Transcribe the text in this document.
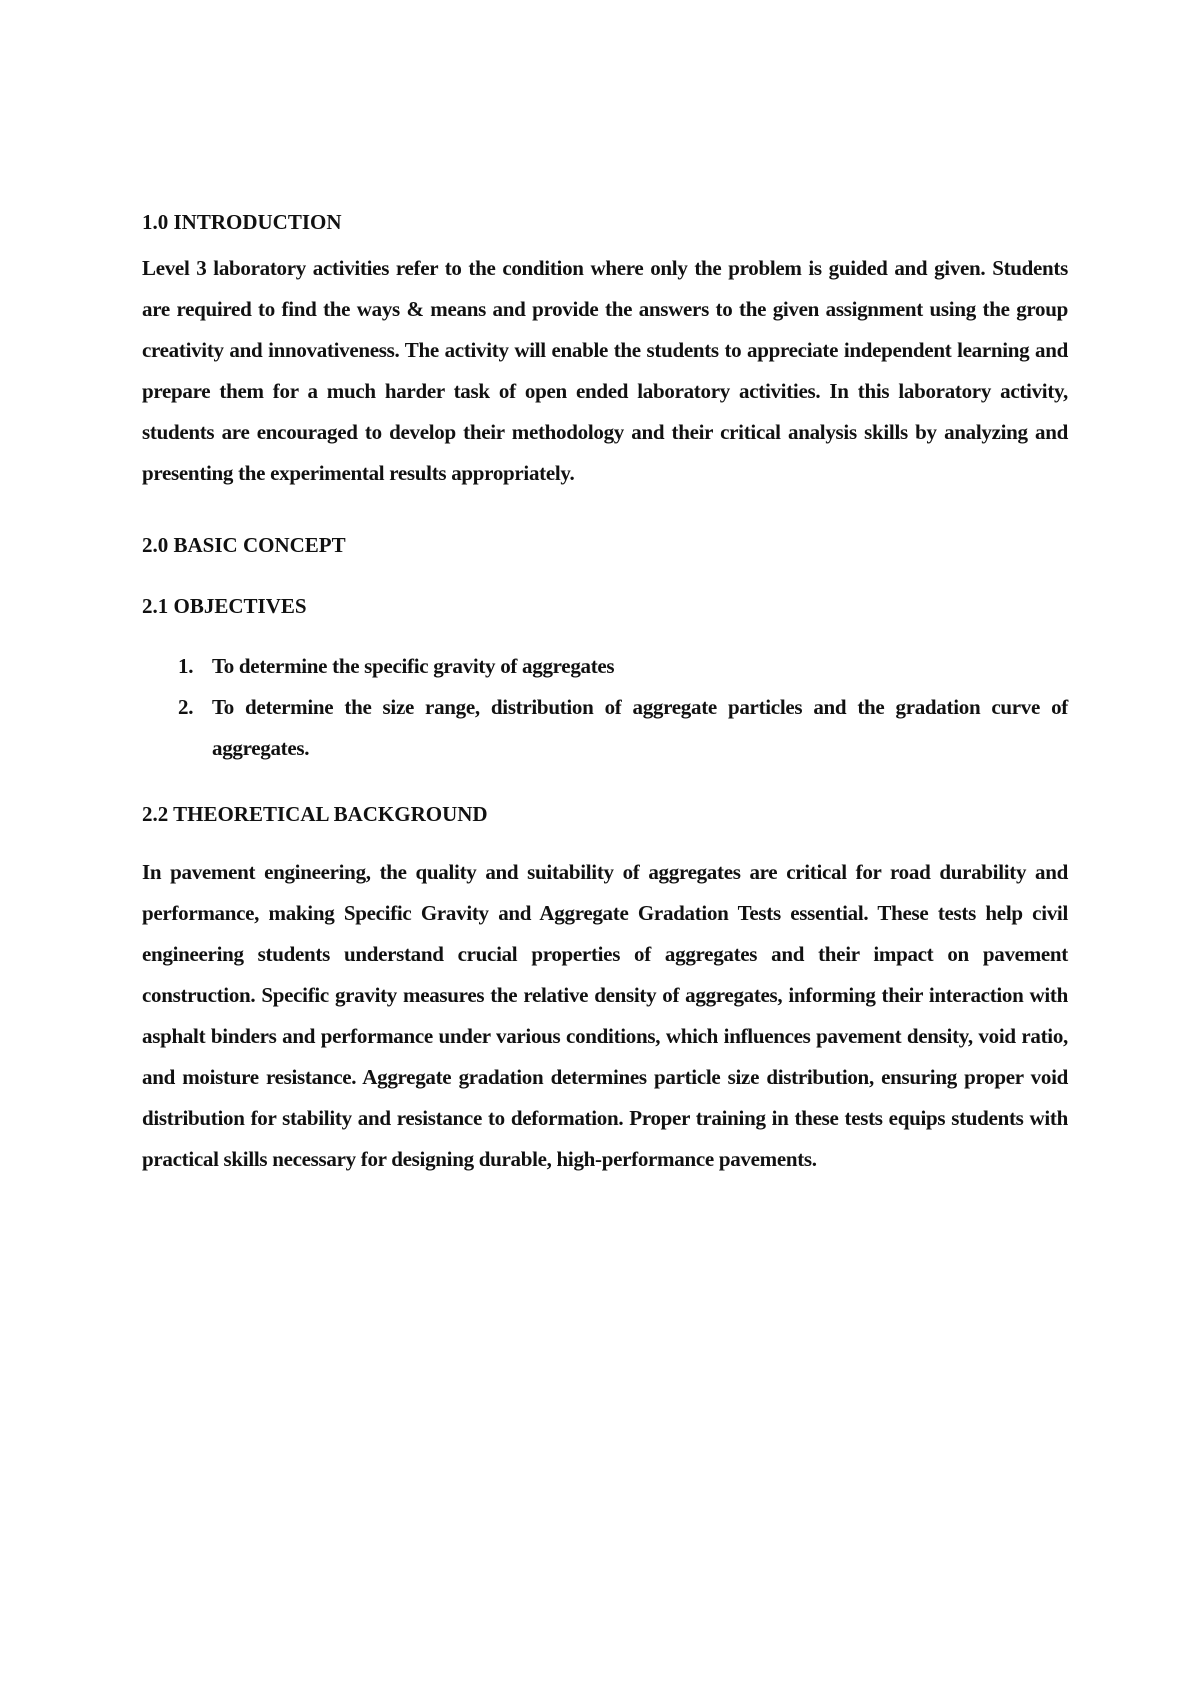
1.0 INTRODUCTION

Level 3 laboratory activities refer to the condition where only the problem is guided and given. Students are required to find the ways & means and provide the answers to the given assignment using the group creativity and innovativeness. The activity will enable the students to appreciate independent learning and prepare them for a much harder task of open ended laboratory activities. In this laboratory activity, students are encouraged to develop their methodology and their critical analysis skills by analyzing and presenting the experimental results appropriately.

2.0 BASIC CONCEPT
2.1 OBJECTIVES
1. To determine the specific gravity of aggregates
2. To determine the size range, distribution of aggregate particles and the gradation curve of aggregates.
2.2 THEORETICAL BACKGROUND

In pavement engineering, the quality and suitability of aggregates are critical for road durability and performance, making Specific Gravity and Aggregate Gradation Tests essential. These tests help civil engineering students understand crucial properties of aggregates and their impact on pavement construction. Specific gravity measures the relative density of aggregates, informing their interaction with asphalt binders and performance under various conditions, which influences pavement density, void ratio, and moisture resistance. Aggregate gradation determines particle size distribution, ensuring proper void distribution for stability and resistance to deformation. Proper training in these tests equips students with practical skills necessary for designing durable, high-performance pavements.
